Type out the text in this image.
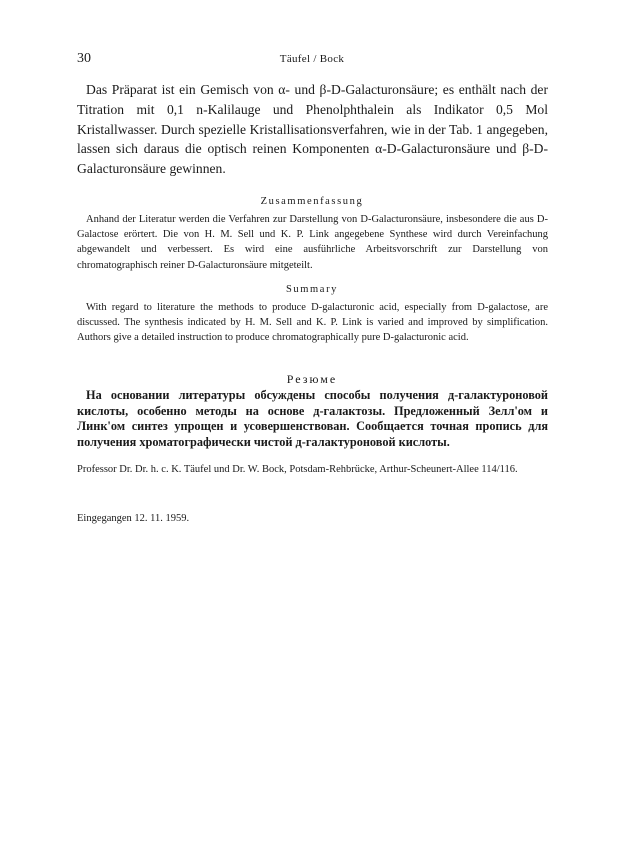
30	Täufel / Bock

Das Präparat ist ein Gemisch von α- und β-D-Galacturonsäure; es enthält nach der Titration mit 0,1 n-Kalilauge und Phenolphthalein als Indikator 0,5 Mol Kristallwasser. Durch spezielle Kristallisationsverfahren, wie in der Tab. 1 angegeben, lassen sich daraus die optisch reinen Komponenten α-D-Galacturonsäure und β-D-Galacturonsäure gewinnen.

Zusammenfassung

Anhand der Literatur werden die Verfahren zur Darstellung von D-Galacturonsäure, insbesondere die aus D-Galactose erörtert. Die von H. M. Sell und K. P. Link angegebene Synthese wird durch Vereinfachung abgewandelt und verbessert. Es wird eine ausführliche Arbeitsvorschrift zur Darstellung von chromatographisch reiner D-Galacturonsäure mitgeteilt.

Summary

With regard to literature the methods to produce D-galacturonic acid, especially from D-galactose, are discussed. The synthesis indicated by H. M. Sell and K. P. Link is varied and improved by simplification. Authors give a detailed instruction to produce chromatographically pure D-galacturonic acid.

Резюме

На основании литературы обсуждены способы получения д-галактуроновой кислоты, особенно методы на основе д-галактозы. Предложенный Зелл'ом и Линк'ом синтез упрощен и усовершенствован. Сообщается точная пропись для получения хроматографически чистой д-галактуроновой кислоты.

Professor Dr. Dr. h. c. K. Täufel und Dr. W. Bock, Potsdam-Rehbrücke, Arthur-Scheunert-Allee 114/116.

Eingegangen 12. 11. 1959.
